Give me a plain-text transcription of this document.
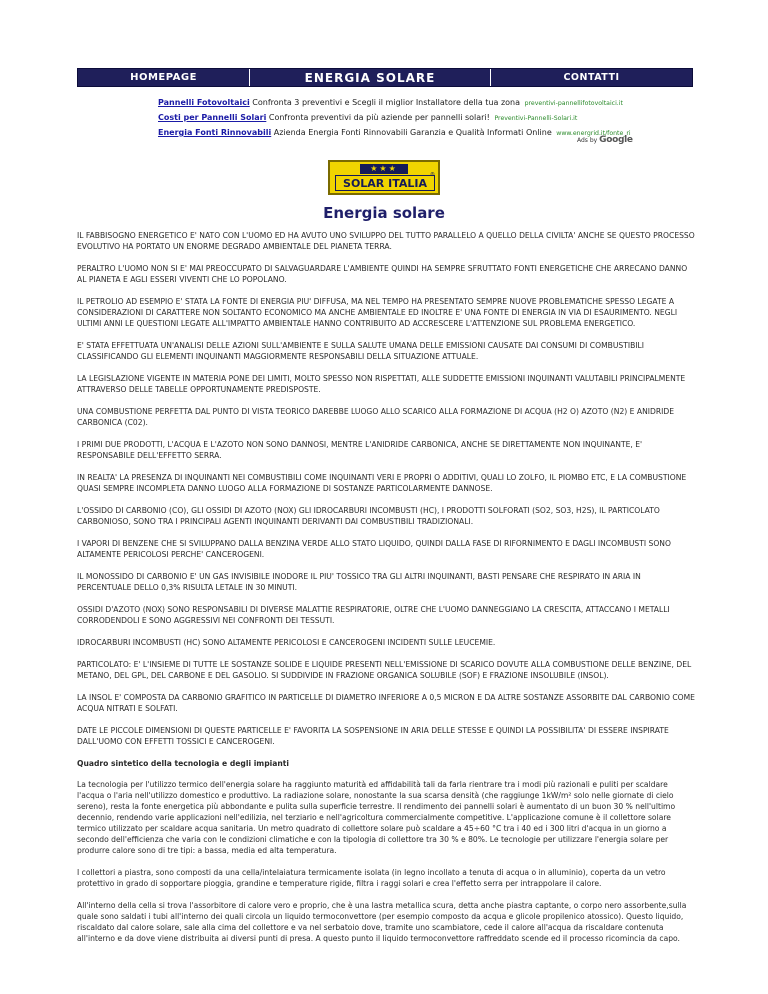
HOMEPAGE	ENERGIA SOLARE	CONTATTI
Pannelli Fotovoltaici Confronta 3 preventivi e Scegli il miglior Installatore della tua zona preventivi-pannellifotovoltaici.it
Costi per Pannelli Solari Confronta preventivi da più aziende per pannelli solari! Preventivi-Pannelli-Solari.it
Energia Fonti Rinnovabili Azienda Energia Fonti Rinnovabili Garanzia e Qualità Informati Online www.energrid.it/fonte_ri
Ads by Google
★★★
SOLAR ITALIA
®
Energia solare

IL FABBISOGNO ENERGETICO E' NATO CON L'UOMO ED HA AVUTO UNO SVILUPPO DEL TUTTO PARALLELO A QUELLO DELLA CIVILTA' ANCHE SE QUESTO PROCESSO EVOLUTIVO HA PORTATO UN ENORME DEGRADO AMBIENTALE DEL PIANETA TERRA.

PERALTRO L'UOMO NON SI E' MAI PREOCCUPATO DI SALVAGUARDARE L'AMBIENTE QUINDI HA SEMPRE SFRUTTATO FONTI ENERGETICHE CHE ARRECANO DANNO AL PIANETA E AGLI ESSERI VIVENTI CHE LO POPOLANO.

IL PETROLIO AD ESEMPIO E' STATA LA FONTE DI ENERGIA PIU' DIFFUSA, MA NEL TEMPO HA PRESENTATO SEMPRE NUOVE PROBLEMATICHE SPESSO LEGATE A CONSIDERAZIONI DI CARATTERE NON SOLTANTO ECONOMICO MA ANCHE AMBIENTALE ED INOLTRE E' UNA FONTE DI ENERGIA IN VIA DI ESAURIMENTO. NEGLI ULTIMI ANNI LE QUESTIONI LEGATE ALL'IMPATTO AMBIENTALE HANNO CONTRIBUITO AD ACCRESCERE L'ATTENZIONE SUL PROBLEMA ENERGETICO.

E' STATA EFFETTUATA UN'ANALISI DELLE AZIONI SULL'AMBIENTE E SULLA SALUTE UMANA DELLE EMISSIONI CAUSATE DAI CONSUMI DI COMBUSTIBILI CLASSIFICANDO GLI ELEMENTI INQUINANTI MAGGIORMENTE RESPONSABILI DELLA SITUAZIONE ATTUALE.

LA LEGISLAZIONE VIGENTE IN MATERIA PONE DEI LIMITI, MOLTO SPESSO NON RISPETTATI, ALLE SUDDETTE EMISSIONI INQUINANTI VALUTABILI PRINCIPALMENTE ATTRAVERSO DELLE TABELLE OPPORTUNAMENTE PREDISPOSTE.

UNA COMBUSTIONE PERFETTA DAL PUNTO DI VISTA TEORICO DAREBBE LUOGO ALLO SCARICO ALLA FORMAZIONE DI ACQUA (H2 O) AZOTO (N2) E ANIDRIDE CARBONICA (C02).

I PRIMI DUE PRODOTTI, L'ACQUA E L'AZOTO NON SONO DANNOSI, MENTRE L'ANIDRIDE CARBONICA, ANCHE SE DIRETTAMENTE NON INQUINANTE, E' RESPONSABILE DELL'EFFETTO SERRA.

IN REALTA' LA PRESENZA DI INQUINANTI NEI COMBUSTIBILI COME INQUINANTI VERI E PROPRI O ADDITIVI, QUALI LO ZOLFO, IL PIOMBO ETC, E LA COMBUSTIONE QUASI SEMPRE INCOMPLETA DANNO LUOGO ALLA FORMAZIONE DI SOSTANZE PARTICOLARMENTE DANNOSE.

L'OSSIDO DI CARBONIO (CO), GLI OSSIDI DI AZOTO (NOX) GLI IDROCARBURI INCOMBUSTI (HC), I PRODOTTI SOLFORATI (SO2, SO3, H2S), IL PARTICOLATO CARBONIOSO, SONO TRA I PRINCIPALI AGENTI INQUINANTI DERIVANTI DAI COMBUSTIBILI TRADIZIONALI.

I VAPORI DI BENZENE CHE SI SVILUPPANO DALLA BENZINA VERDE ALLO STATO LIQUIDO, QUINDI DALLA FASE DI RIFORNIMENTO E DAGLI INCOMBUSTI SONO ALTAMENTE PERICOLOSI PERCHE' CANCEROGENI.

IL MONOSSIDO DI CARBONIO E' UN GAS INVISIBILE INODORE IL PIU' TOSSICO TRA GLI ALTRI INQUINANTI, BASTI PENSARE CHE RESPIRATO IN ARIA IN PERCENTUALE DELLO 0,3% RISULTA LETALE IN 30 MINUTI.

OSSIDI D'AZOTO (NOX) SONO RESPONSABILI DI DIVERSE MALATTIE RESPIRATORIE, OLTRE CHE L'UOMO DANNEGGIANO LA CRESCITA, ATTACCANO I METALLI CORRODENDOLI E SONO AGGRESSIVI NEI CONFRONTI DEI TESSUTI.

IDROCARBURI INCOMBUSTI (HC) SONO ALTAMENTE PERICOLOSI E CANCEROGENI INCIDENTI SULLE LEUCEMIE.

PARTICOLATO: E' L'INSIEME DI TUTTE LE SOSTANZE SOLIDE E LIQUIDE PRESENTI NELL'EMISSIONE DI SCARICO DOVUTE ALLA COMBUSTIONE DELLE BENZINE, DEL METANO, DEL GPL, DEL CARBONE E DEL GASOLIO. SI SUDDIVIDE IN FRAZIONE ORGANICA SOLUBILE (SOF) E FRAZIONE INSOLUBILE (INSOL).

LA INSOL E' COMPOSTA DA CARBONIO GRAFITICO IN PARTICELLE DI DIAMETRO INFERIORE A 0,5 MICRON E DA ALTRE SOSTANZE ASSORBITE DAL CARBONIO COME ACQUA NITRATI E SOLFATI.

DATE LE PICCOLE DIMENSIONI DI QUESTE PARTICELLE E' FAVORITA LA SOSPENSIONE IN ARIA DELLE STESSE E QUINDI LA POSSIBILITA' DI ESSERE INSPIRATE DALL'UOMO CON EFFETTI TOSSICI E CANCEROGENI.

Quadro sintetico della tecnologia e degli impianti

La tecnologia per l'utilizzo termico dell'energia solare ha raggiunto maturità ed affidabilità tali da farla rientrare tra i modi più razionali e puliti per scaldare l'acqua o l'aria nell'utilizzo domestico e produttivo. La radiazione solare, nonostante la sua scarsa densità (che raggiunge 1kW/m² solo nelle giornate di cielo sereno), resta la fonte energetica più abbondante e pulita sulla superficie terrestre. Il rendimento dei pannelli solari è aumentato di un buon 30 % nell'ultimo decennio, rendendo varie applicazioni nell'edilizia, nel terziario e nell'agricoltura commercialmente competitive. L'applicazione comune è il collettore solare termico utilizzato per scaldare acqua sanitaria. Un metro quadrato di collettore solare può scaldare a 45÷60 °C tra i 40 ed i 300 litri d'acqua in un giorno a secondo dell'efficienza che varia con le condizioni climatiche e con la tipologia di collettore tra 30 % e 80%. Le tecnologie per utilizzare l'energia solare per produrre calore sono di tre tipi: a bassa, media ed alta temperatura.

I collettori a piastra, sono composti da una cella/intelaiatura termicamente isolata (in legno incollato a tenuta di acqua o in alluminio), coperta da un vetro protettivo in grado di sopportare pioggia, grandine e temperature rigide, filtra i raggi solari e crea l'effetto serra per intrappolare il calore.

All'interno della cella si trova l'assorbitore di calore vero e proprio, che è una lastra metallica scura, detta anche piastra captante, o corpo nero assorbente,sulla quale sono saldati i tubi all'interno dei quali circola un liquido termoconvettore (per esempio composto da acqua e glicole propilenico atossico). Questo liquido, riscaldato dal calore solare, sale alla cima del collettore e va nel serbatoio dove, tramite uno scambiatore, cede il calore all'acqua da riscaldare contenuta all'interno e da dove viene distribuita ai diversi punti di presa. A questo punto il liquido termoconvettore raffreddato scende ed il processo ricomincia da capo.
